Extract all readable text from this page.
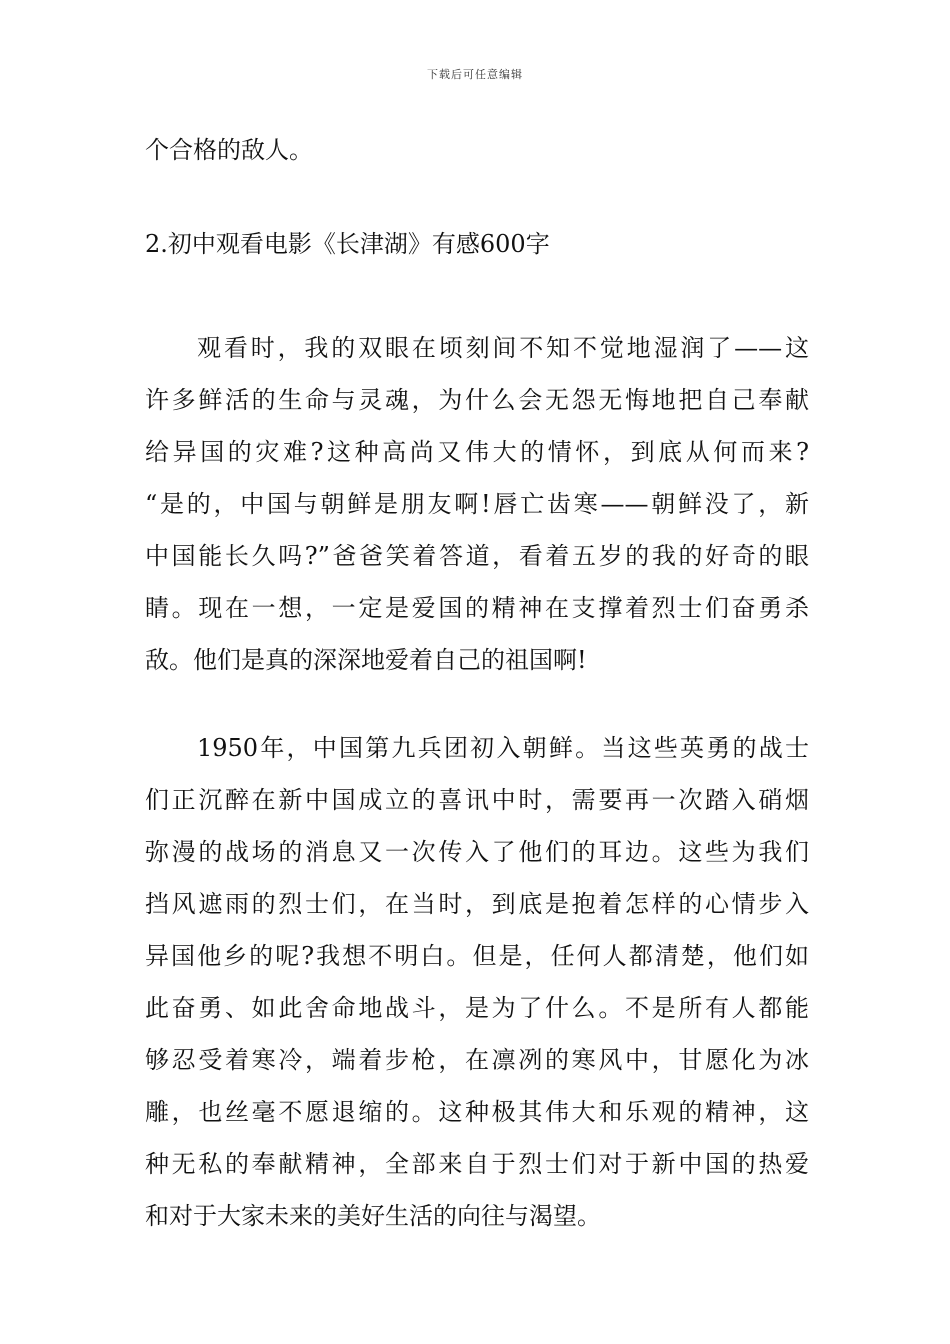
下载后可任意编辑
个合格的敌人。
2.初中观看电影《长津湖》有感600字
观看时，我的双眼在顷刻间不知不觉地湿润了——这
许多鲜活的生命与灵魂，为什么会无怨无悔地把自己奉献
给异国的灾难?这种高尚又伟大的情怀，到底从何而来?
“是的，中国与朝鲜是朋友啊!唇亡齿寒——朝鲜没了，新
中国能长久吗?”爸爸笑着答道，看着五岁的我的好奇的眼
睛。现在一想，一定是爱国的精神在支撑着烈士们奋勇杀
敌。他们是真的深深地爱着自己的祖国啊!
1950年，中国第九兵团初入朝鲜。当这些英勇的战士
们正沉醉在新中国成立的喜讯中时，需要再一次踏入硝烟
弥漫的战场的消息又一次传入了他们的耳边。这些为我们
挡风遮雨的烈士们，在当时，到底是抱着怎样的心情步入
异国他乡的呢?我想不明白。但是，任何人都清楚，他们如
此奋勇、如此舍命地战斗，是为了什么。不是所有人都能
够忍受着寒冷，端着步枪，在凛冽的寒风中，甘愿化为冰
雕，也丝毫不愿退缩的。这种极其伟大和乐观的精神，这
种无私的奉献精神，全部来自于烈士们对于新中国的热爱
和对于大家未来的美好生活的向往与渴望。
